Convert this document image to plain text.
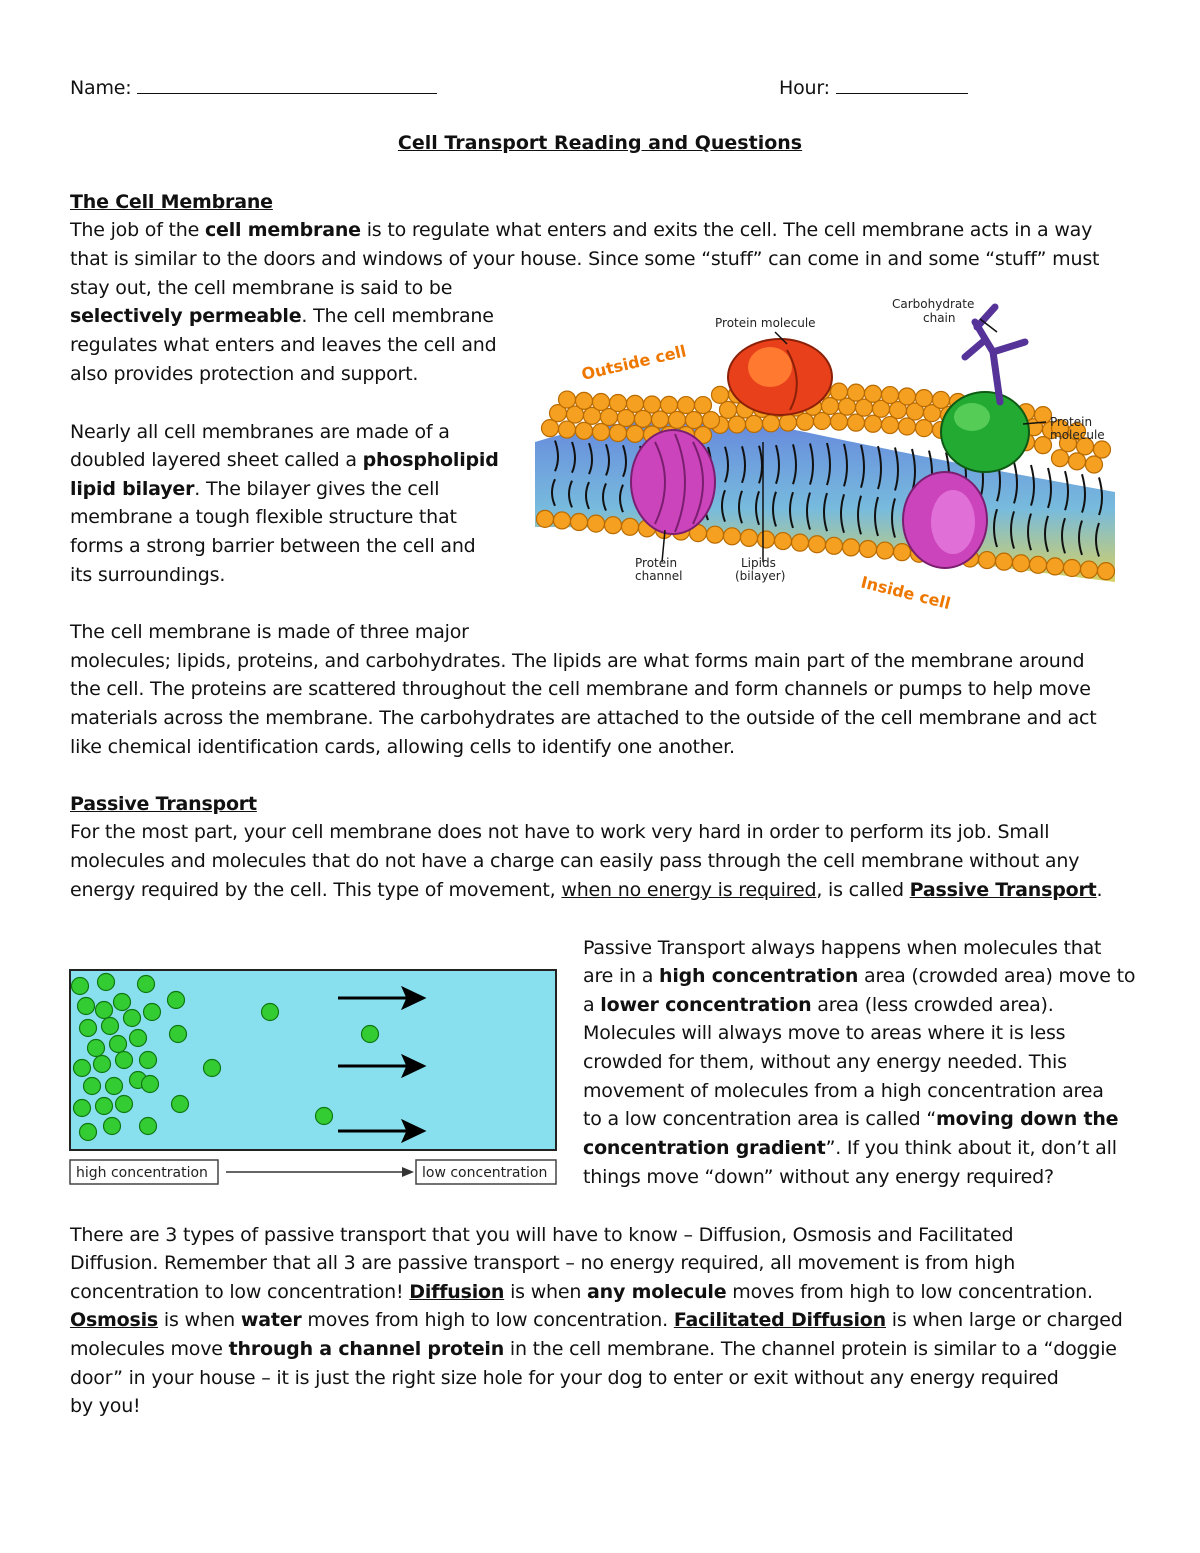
Name:	Hour:
Cell Transport Reading and Questions
The Cell Membrane
The job of the cell membrane is to regulate what enters and exits the cell. The cell membrane acts in a way
that is similar to the doors and windows of your house. Since some “stuff” can come in and some “stuff” must
stay out, the cell membrane is said to be
selectively permeable. The cell membrane
regulates what enters and leaves the cell and
also provides protection and support.
Nearly all cell membranes are made of a
doubled layered sheet called a phospholipid
lipid bilayer. The bilayer gives the cell
membrane a tough flexible structure that
forms a strong barrier between the cell and
its surroundings.
The cell membrane is made of three major
molecules; lipids, proteins, and carbohydrates. The lipids are what forms main part of the membrane around
the cell. The proteins are scattered throughout the cell membrane and form channels or pumps to help move
materials across the membrane. The carbohydrates are attached to the outside of the cell membrane and act
like chemical identification cards, allowing cells to identify one another.
Protein molecule
Carbohydrate
chain
Protein
molecule
Protein
channel
Lipids
(bilayer)
Outside cell
Inside cell
Passive Transport
For the most part, your cell membrane does not have to work very hard in order to perform its job. Small
molecules and molecules that do not have a charge can easily pass through the cell membrane without any
energy required by the cell. This type of movement, when no energy is required, is called Passive Transport.
Passive Transport always happens when molecules that
are in a high concentration area (crowded area) move to
a lower concentration area (less crowded area).
Molecules will always move to areas where it is less
crowded for them, without any energy needed. This
movement of molecules from a high concentration area
to a low concentration area is called “moving down the
concentration gradient”. If you think about it, don’t all
things move “down” without any energy required?
high concentration	low concentration
There are 3 types of passive transport that you will have to know – Diffusion, Osmosis and Facilitated
Diffusion. Remember that all 3 are passive transport – no energy required, all movement is from high
concentration to low concentration! Diffusion is when any molecule moves from high to low concentration.
Osmosis is when water moves from high to low concentration. Facilitated Diffusion is when large or charged
molecules move through a channel protein in the cell membrane. The channel protein is similar to a “doggie
door” in your house – it is just the right size hole for your dog to enter or exit without any energy required
by you!
